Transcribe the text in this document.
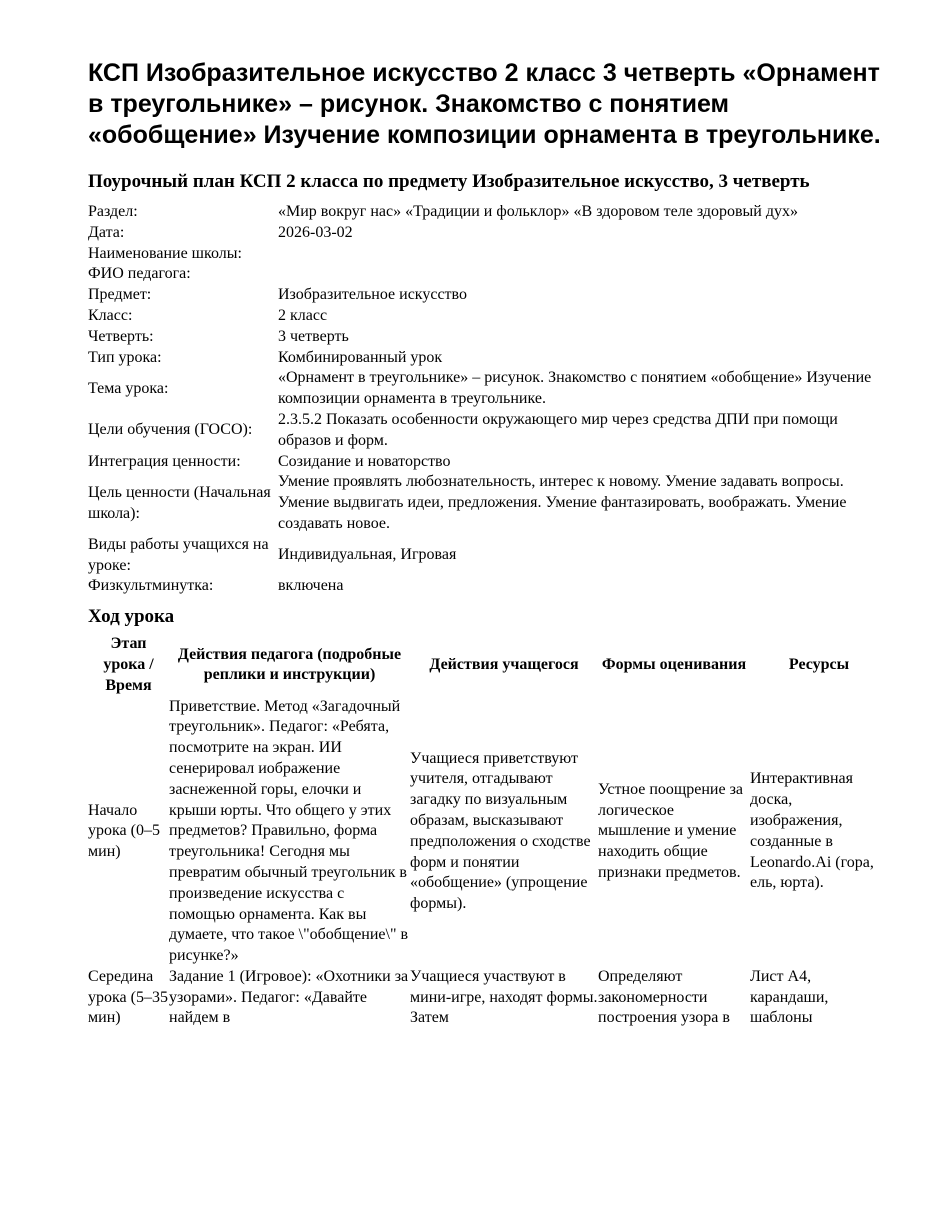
КСП Изобразительное искусство 2 класс 3 четверть «Орнамент в треугольнике» – рисунок. Знакомство с понятием «обобщение» Изучение композиции орнамента в треугольнике.
Поурочный план КСП 2 класса по предмету Изобразительное искусство, 3 четверть
Раздел:	«Мир вокруг нас» «Традиции и фольклор» «В здоровом теле здоровый дух»
Дата:	2026-03-02
Наименование школы:	
ФИО педагога:	
Предмет:	Изобразительное искусство
Класс:	2 класс
Четверть:	3 четверть
Тип урока:	Комбинированный урок
Тема урока:	«Орнамент в треугольнике» – рисунок. Знакомство с понятием «обобщение» Изучение композиции орнамента в треугольнике.
Цели обучения (ГОСО):	2.3.5.2 Показать особенности окружающего мир через средства ДПИ при помощи образов и форм.
Интеграция ценности:	Созидание и новаторство
Цель ценности (Начальная школа):	Умение проявлять любознательность, интерес к новому. Умение задавать вопросы. Умение выдвигать идеи, предложения. Умение фантазировать, воображать. Умение создавать новое.
Виды работы учащихся на уроке:	Индивидуальная, Игровая
Физкультминутка:	включена
Ход урока
Этап урока / Время	Действия педагога (подробные реплики и инструкции)	Действия учащегося	Формы оценивания	Ресурсы
Начало урока (0–5 мин)	Приветствие. Метод «Загадочный треугольник». Педагог: «Ребята, посмотрите на экран. ИИ сенерировал иображение заснеженной горы, елочки и крыши юрты. Что общего у этих предметов? Правильно, форма треугольника! Сегодня мы превратим обычный треугольник в произведение искусства с помощью орнамента. Как вы думаете, что такое \"обобщение\" в рисунке?»	Учащиеся приветствуют учителя, отгадывают загадку по визуальным образам, высказывают предположения о сходстве форм и понятии «обобщение» (упрощение формы).	Устное поощрение за логическое мышление и умение находить общие признаки предметов.	Интерактивная доска, изображения, созданные в Leonardo.Ai (гора, ель, юрта).
Середина урока (5–35 мин)	Задание 1 (Игровое): «Охотники за узорами». Педагог: «Давайте найдем в	Учащиеся участвуют в мини-игре, находят формы. Затем	Определяют закономерности построения узора в	Лист А4, карандаши, шаблоны
